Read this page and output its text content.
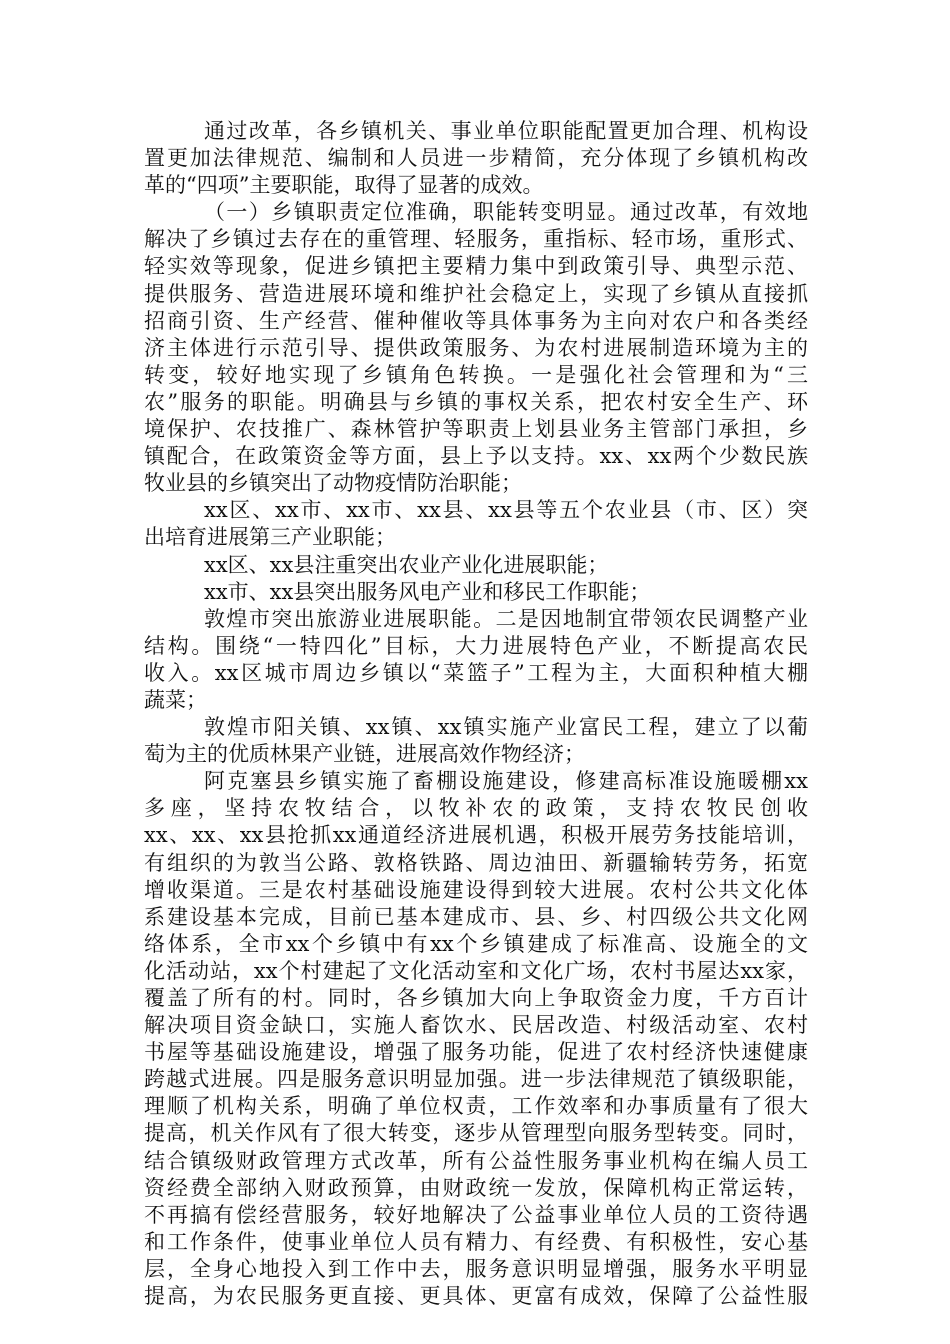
通过改革，各乡镇机关、事业单位职能配置更加合理、机构设
置更加法律规范、编制和人员进一步精简，充分体现了乡镇机构改
革的“四项”主要职能，取得了显著的成效。
（一）乡镇职责定位准确，职能转变明显。通过改革，有效地
解决了乡镇过去存在的重管理、轻服务，重指标、轻市场，重形式、
轻实效等现象，促进乡镇把主要精力集中到政策引导、典型示范、
提供服务、营造进展环境和维护社会稳定上，实现了乡镇从直接抓
招商引资、生产经营、催种催收等具体事务为主向对农户和各类经
济主体进行示范引导、提供政策服务、为农村进展制造环境为主的
转变，较好地实现了乡镇角色转换。一是强化社会管理和为“三
农”服务的职能。明确县与乡镇的事权关系，把农村安全生产、环
境保护、农技推广、森林管护等职责上划县业务主管部门承担，乡
镇配合，在政策资金等方面，县上予以支持。xx、xx两个少数民族
牧业县的乡镇突出了动物疫情防治职能；
xx区、xx市、xx市、xx县、xx县等五个农业县（市、区）突
出培育进展第三产业职能；
xx区、xx县注重突出农业产业化进展职能；
xx市、xx县突出服务风电产业和移民工作职能；
敦煌市突出旅游业进展职能。二是因地制宜带领农民调整产业
结构。围绕“一特四化”目标，大力进展特色产业，不断提高农民
收入。xx区城市周边乡镇以“菜篮子”工程为主，大面积种植大棚
蔬菜；
敦煌市阳关镇、xx镇、xx镇实施产业富民工程，建立了以葡
萄为主的优质林果产业链，进展高效作物经济；
阿克塞县乡镇实施了畜棚设施建设，修建高标准设施暖棚xx
多座，坚持农牧结合，以牧补农的政策，支持农牧民创收
xx、xx、xx县抢抓xx通道经济进展机遇，积极开展劳务技能培训，
有组织的为敦当公路、敦格铁路、周边油田、新疆输转劳务，拓宽
增收渠道。三是农村基础设施建设得到较大进展。农村公共文化体
系建设基本完成，目前已基本建成市、县、乡、村四级公共文化网
络体系，全市xx个乡镇中有xx个乡镇建成了标准高、设施全的文
化活动站，xx个村建起了文化活动室和文化广场，农村书屋达xx家，
覆盖了所有的村。同时，各乡镇加大向上争取资金力度，千方百计
解决项目资金缺口，实施人畜饮水、民居改造、村级活动室、农村
书屋等基础设施建设，增强了服务功能，促进了农村经济快速健康
跨越式进展。四是服务意识明显加强。进一步法律规范了镇级职能，
理顺了机构关系，明确了单位权责，工作效率和办事质量有了很大
提高，机关作风有了很大转变，逐步从管理型向服务型转变。同时，
结合镇级财政管理方式改革，所有公益性服务事业机构在编人员工
资经费全部纳入财政预算，由财政统一发放，保障机构正常运转，
不再搞有偿经营服务，较好地解决了公益事业单位人员的工资待遇
和工作条件，使事业单位人员有精力、有经费、有积极性，安心基
层，全身心地投入到工作中去，服务意识明显增强，服务水平明显
提高，为农民服务更直接、更具体、更富有成效，保障了公益性服
